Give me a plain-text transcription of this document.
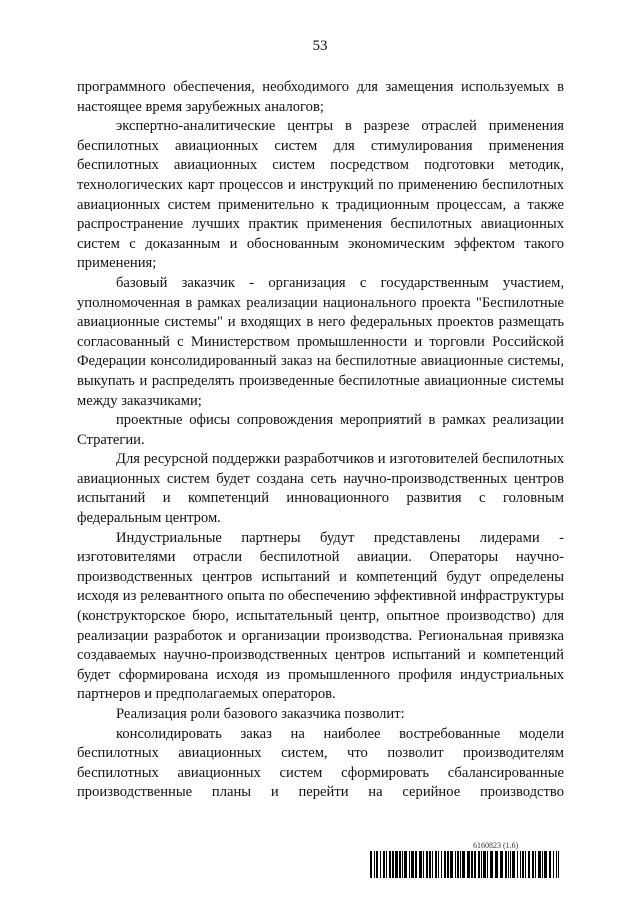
53

программного обеспечения, необходимого для замещения используемых в настоящее время зарубежных аналогов;

экспертно-аналитические центры в разрезе отраслей применения беспилотных авиационных систем для стимулирования применения беспилотных авиационных систем посредством подготовки методик, технологических карт процессов и инструкций по применению беспилотных авиационных систем применительно к традиционным процессам, а также распространение лучших практик применения беспилотных авиационных систем с доказанным и обоснованным экономическим эффектом такого применения;

базовый заказчик - организация с государственным участием, уполномоченная в рамках реализации национального проекта "Беспилотные авиационные системы" и входящих в него федеральных проектов размещать согласованный с Министерством промышленности и торговли Российской Федерации консолидированный заказ на беспилотные авиационные системы, выкупать и распределять произведенные беспилотные авиационные системы между заказчиками;

проектные офисы сопровождения мероприятий в рамках реализации Стратегии.

Для ресурсной поддержки разработчиков и изготовителей беспилотных авиационных систем будет создана сеть научно-производственных центров испытаний и компетенций инновационного развития с головным федеральным центром.

Индустриальные партнеры будут представлены лидерами - изготовителями отрасли беспилотной авиации. Операторы научно-производственных центров испытаний и компетенций будут определены исходя из релевантного опыта по обеспечению эффективной инфраструктуры (конструкторское бюро, испытательный центр, опытное производство) для реализации разработок и организации производства. Региональная привязка создаваемых научно-производственных центров испытаний и компетенций будет сформирована исходя из промышленного профиля индустриальных партнеров и предполагаемых операторов.

Реализация роли базового заказчика позволит:

консолидировать заказ на наиболее востребованные модели беспилотных авиационных систем, что позволит производителям беспилотных авиационных систем сформировать сбалансированные производственные планы и перейти на серийное производство

6160823 (1.6)
